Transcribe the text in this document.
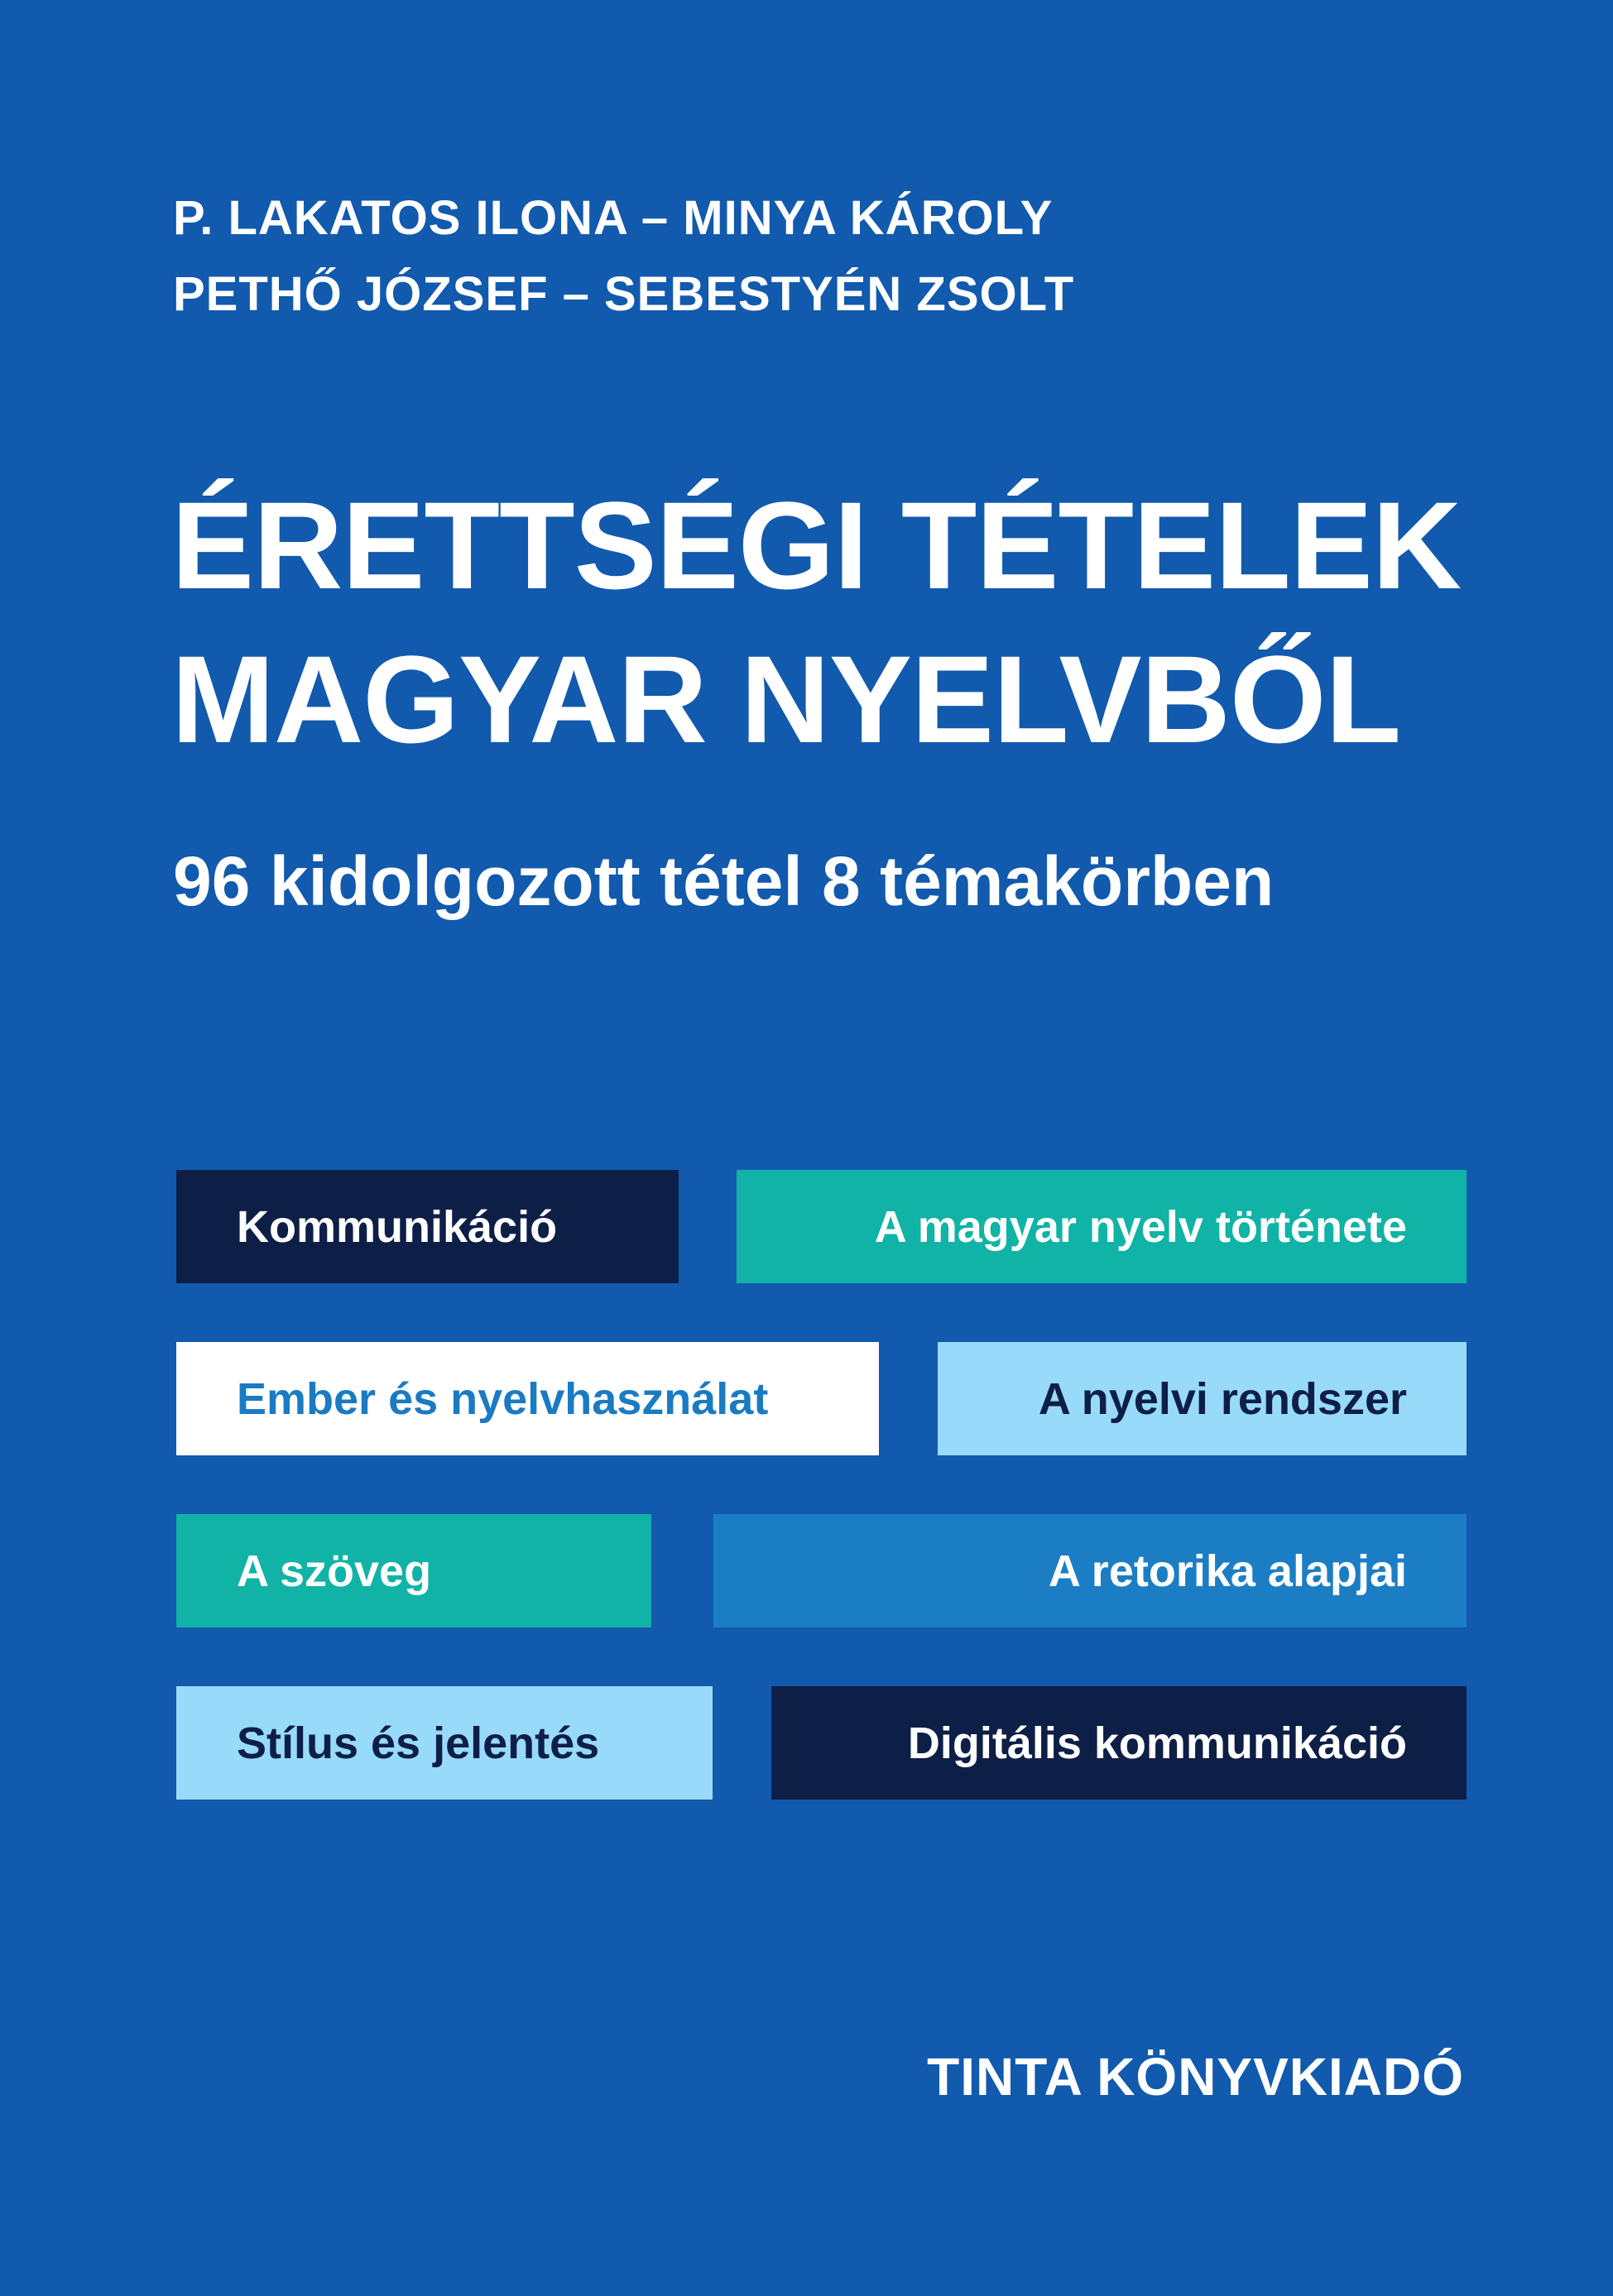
P. LAKATOS ILONA – MINYA KÁROLY
PETHŐ JÓZSEF – SEBESTYÉN ZSOLT
ÉRETTSÉGI TÉTELEK
MAGYAR NYELVBŐL
96 kidolgozott tétel 8 témakörben
Kommunikáció	A magyar nyelv története
Ember és nyelvhasználat	A nyelvi rendszer
A szöveg	A retorika alapjai
Stílus és jelentés	Digitális kommunikáció
TINTA KÖNYVKIADÓ
